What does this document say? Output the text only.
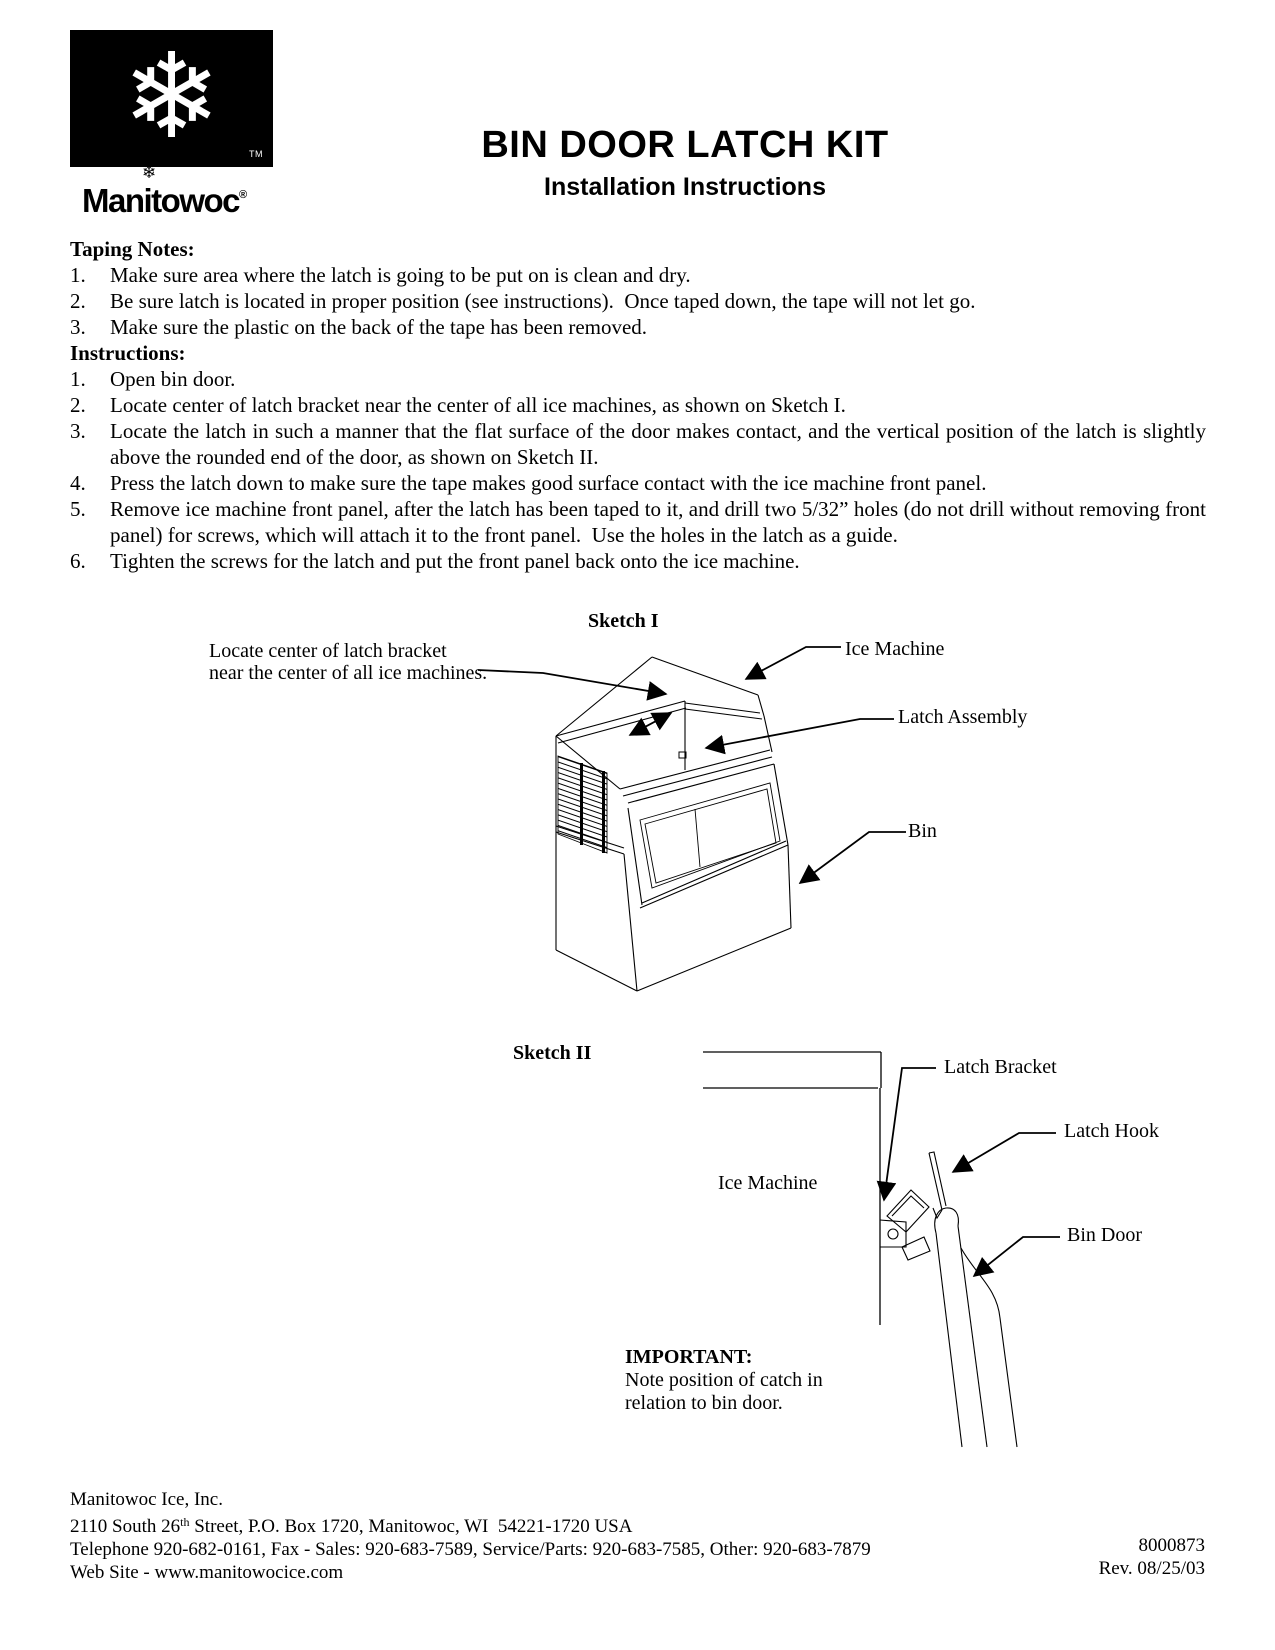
❄	TM
Manitowoc®
❄
BIN DOOR LATCH KIT
Installation Instructions
Taping Notes:
1.	Make sure area where the latch is going to be put on is clean and dry.
2.	Be sure latch is located in proper position (see instructions).  Once taped down, the tape will not let go.
3.	Make sure the plastic on the back of the tape has been removed.
Instructions:
1.	Open bin door.
2.	Locate center of latch bracket near the center of all ice machines, as shown on Sketch I.
3.	Locate the latch in such a manner that the flat surface of the door makes contact, and the vertical position of the latch is slightly above the rounded end of the door, as shown on Sketch II.
4.	Press the latch down to make sure the tape makes good surface contact with the ice machine front panel.
5.	Remove ice machine front panel, after the latch has been taped to it, and drill two 5/32” holes (do not drill without removing front panel) for screws, which will attach it to the front panel.  Use the holes in the latch as a guide.
6.	Tighten the screws for the latch and put the front panel back onto the ice machine.
Sketch I
Locate center of latch bracket
near the center of all ice machines.
Ice Machine
Latch Assembly
Bin
Sketch II
Latch Bracket
Latch Hook
Ice Machine
Bin Door
IMPORTANT:
Note position of catch in
relation to bin door.
Manitowoc Ice, Inc.
2110 South 26th Street, P.O. Box 1720, Manitowoc, WI  54221-1720 USA
Telephone 920-682-0161, Fax - Sales: 920-683-7589, Service/Parts: 920-683-7585, Other: 920-683-7879
Web Site - www.manitowocice.com
8000873
Rev. 08/25/03
